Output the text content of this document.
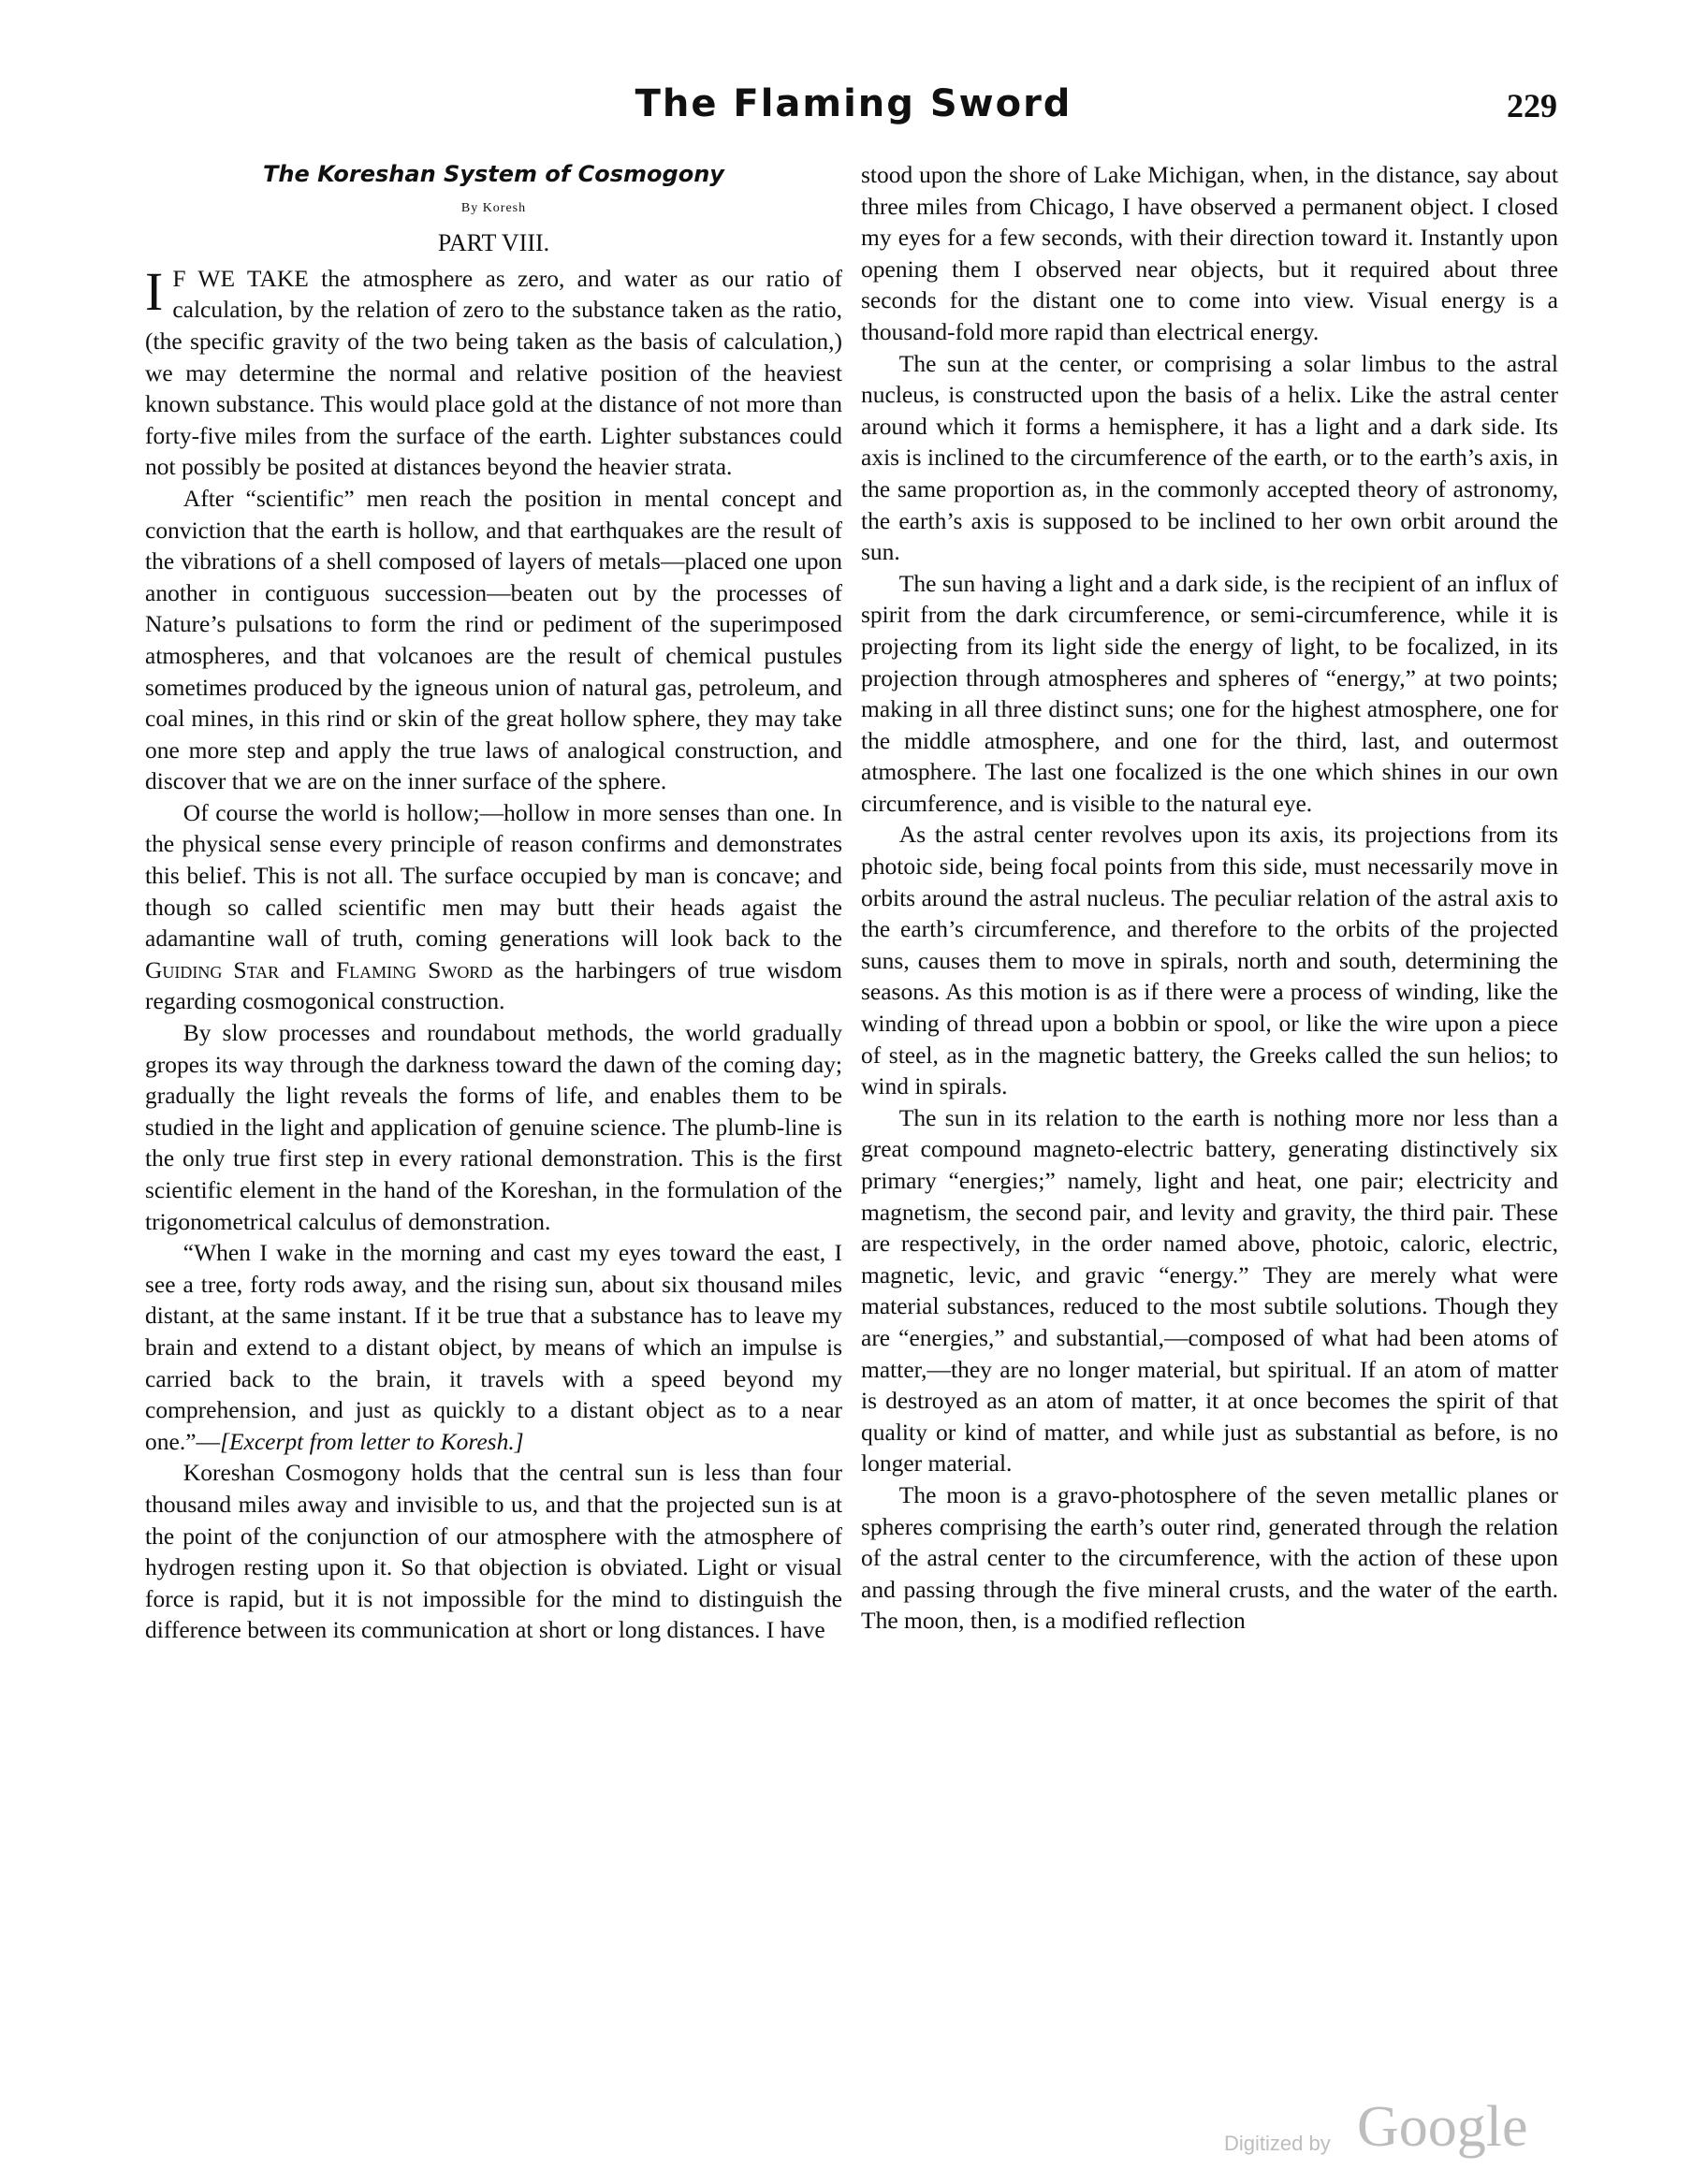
The Flaming Sword	229
The Koreshan System of Cosmogony
By Koresh
PART VIII.

I F WE TAKE the atmosphere as zero, and water as our ratio of calculation, by the relation of zero to the substance taken as the ratio, (the specific gravity of the two being taken as the basis of calculation,) we may determine the normal and relative position of the heaviest known substance. This would place gold at the distance of not more than forty-five miles from the surface of the earth. Lighter substances could not possibly be posited at distances beyond the heavier strata.

After “scientific” men reach the position in mental concept and conviction that the earth is hollow, and that earthquakes are the result of the vibrations of a shell composed of layers of metals—placed one upon another in contiguous succession—beaten out by the processes of Nature’s pulsations to form the rind or pediment of the superimposed atmospheres, and that volcanoes are the result of chemical pustules sometimes produced by the igneous union of natural gas, petroleum, and coal mines, in this rind or skin of the great hollow sphere, they may take one more step and apply the true laws of analogical construction, and discover that we are on the inner surface of the sphere.

Of course the world is hollow;—hollow in more senses than one. In the physical sense every principle of reason confirms and demonstrates this belief. This is not all. The surface occupied by man is concave; and though so called scientific men may butt their heads agaist the adamantine wall of truth, coming generations will look back to the Guiding Star and Flaming Sword as the harbingers of true wisdom regarding cosmogonical construction.

By slow processes and roundabout methods, the world gradually gropes its way through the darkness toward the dawn of the coming day; gradually the light reveals the forms of life, and enables them to be studied in the light and application of genuine science. The plumb-line is the only true first step in every rational demonstration. This is the first scientific element in the hand of the Koreshan, in the formulation of the trigonometrical calculus of demonstration.

“When I wake in the morning and cast my eyes toward the east, I see a tree, forty rods away, and the rising sun, about six thousand miles distant, at the same instant. If it be true that a substance has to leave my brain and extend to a distant object, by means of which an impulse is carried back to the brain, it travels with a speed beyond my comprehension, and just as quickly to a distant object as to a near one.”—[Excerpt from letter to Koresh.]

Koreshan Cosmogony holds that the central sun is less than four thousand miles away and invisible to us, and that the projected sun is at the point of the conjunction of our atmosphere with the atmosphere of hydrogen resting upon it. So that objection is obviated. Light or visual force is rapid, but it is not impossible for the mind to distinguish the difference between its communication at short or long distances. I have

stood upon the shore of Lake Michigan, when, in the distance, say about three miles from Chicago, I have observed a permanent object. I closed my eyes for a few seconds, with their direction toward it. Instantly upon opening them I observed near objects, but it required about three seconds for the distant one to come into view. Visual energy is a thousand-fold more rapid than electrical energy.

The sun at the center, or comprising a solar limbus to the astral nucleus, is constructed upon the basis of a helix. Like the astral center around which it forms a hemisphere, it has a light and a dark side. Its axis is inclined to the circumference of the earth, or to the earth’s axis, in the same proportion as, in the commonly accepted theory of astronomy, the earth’s axis is supposed to be inclined to her own orbit around the sun.

The sun having a light and a dark side, is the recipient of an influx of spirit from the dark circumference, or semi-circumference, while it is projecting from its light side the energy of light, to be focalized, in its projection through atmospheres and spheres of “energy,” at two points; making in all three distinct suns; one for the highest atmosphere, one for the middle atmosphere, and one for the third, last, and outermost atmosphere. The last one focalized is the one which shines in our own circumference, and is visible to the natural eye.

As the astral center revolves upon its axis, its projections from its photoic side, being focal points from this side, must necessarily move in orbits around the astral nucleus. The peculiar relation of the astral axis to the earth’s circumference, and therefore to the orbits of the projected suns, causes them to move in spirals, north and south, determining the seasons. As this motion is as if there were a process of winding, like the winding of thread upon a bobbin or spool, or like the wire upon a piece of steel, as in the magnetic battery, the Greeks called the sun helios; to wind in spirals.

The sun in its relation to the earth is nothing more nor less than a great compound magneto-electric battery, generating distinctively six primary “energies;” namely, light and heat, one pair; electricity and magnetism, the second pair, and levity and gravity, the third pair. These are respectively, in the order named above, photoic, caloric, electric, magnetic, levic, and gravic “energy.” They are merely what were material substances, reduced to the most subtile solutions. Though they are “energies,” and substantial,—composed of what had been atoms of matter,—they are no longer material, but spiritual. If an atom of matter is destroyed as an atom of matter, it at once becomes the spirit of that quality or kind of matter, and while just as substantial as before, is no longer material.

The moon is a gravo-photosphere of the seven metallic planes or spheres comprising the earth’s outer rind, generated through the relation of the astral center to the circumference, with the action of these upon and passing through the five mineral crusts, and the water of the earth. The moon, then, is a modified reflection

Digitized by Google
